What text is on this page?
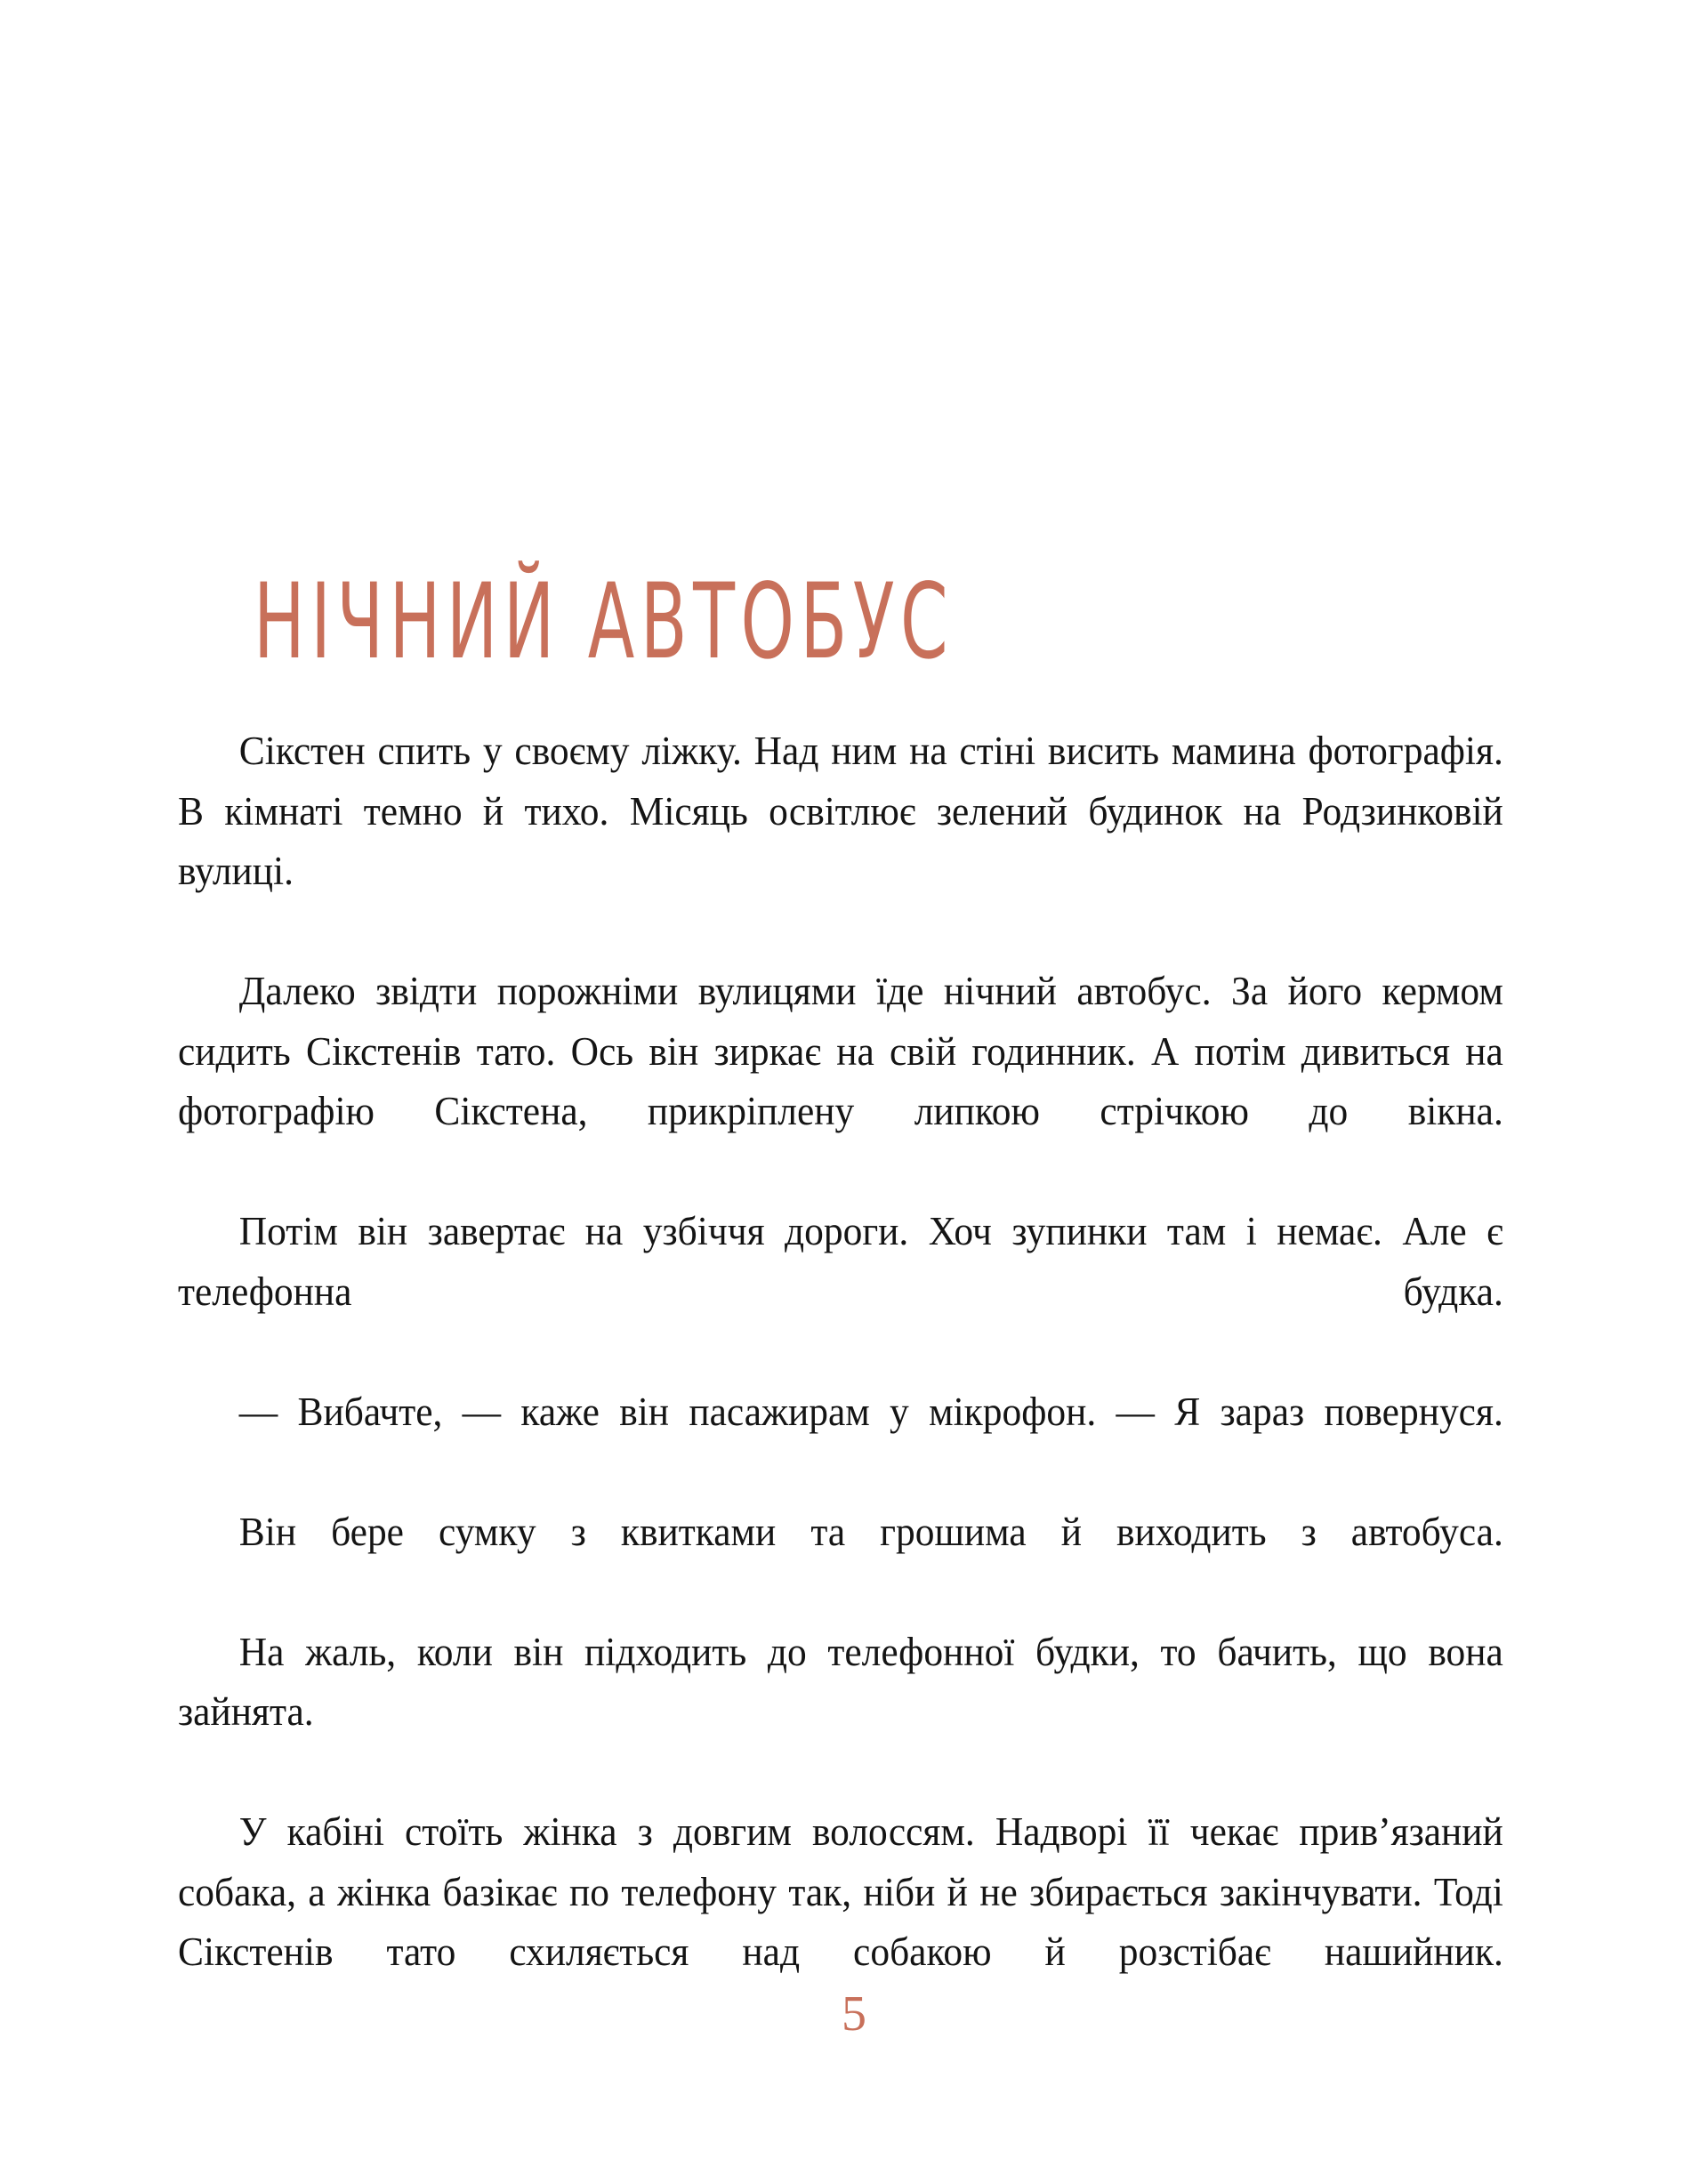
НІЧНИЙ АВТОБУС

Сікстен спить у своєму ліжку. Над ним на стіні висить мамина фотографія. В кімнаті темно й тихо. Місяць освітлює зелений будинок на Родзинковій вулиці.

Далеко звідти порожніми вулицями їде нічний автобус. За його кермом сидить Сікстенів тато. Ось він зиркає на свій годинник. А потім дивиться на фотографію Сікстена, прикріплену липкою стрічкою до вікна.

Потім він завертає на узбіччя дороги. Хоч зупинки там і немає. Але є телефонна будка.

— Вибачте, — каже він пасажирам у мікрофон. — Я зараз повернуся.

Він бере сумку з квитками та грошима й виходить з автобуса.

На жаль, коли він підходить до телефонної будки, то бачить, що вона зайнята.

У кабіні стоїть жінка з довгим волоссям. Надворі її чекає прив’язаний собака, а жінка базікає по телефону так, ніби й не збирається закінчувати. Тоді Сікстенів тато схиляється над собакою й розстібає нашийник.

5
